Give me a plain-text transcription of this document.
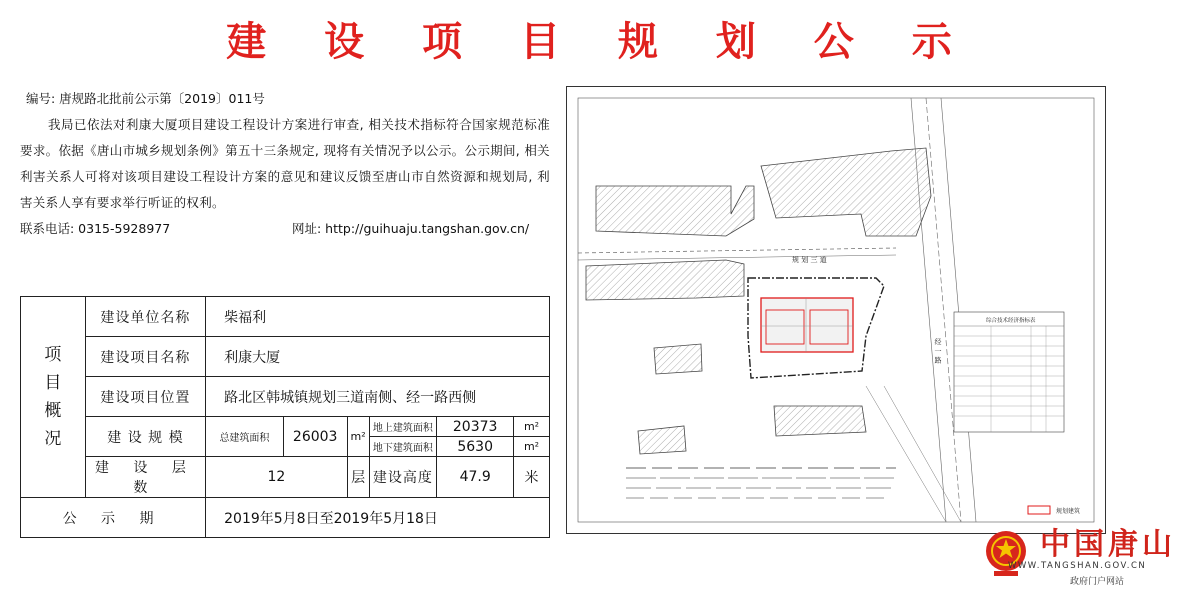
建 设 项 目 规 划 公 示
编号: 唐规路北批前公示第〔2019〕011号
我局已依法对利康大厦项目建设工程设计方案进行审查, 相关技术指标符合国家规范标准要求。依据《唐山市城乡规划条例》第五十三条规定, 现将有关情况予以公示。公示期间, 相关利害关系人可将对该项目建设工程设计方案的意见和建议反馈至唐山市自然资源和规划局, 利害关系人享有要求举行听证的权利。
联系电话: 0315-5928977	网址: http://guihuaju.tangshan.gov.cn/
项
目
概
况	建设单位名称	柴福利					
	建设项目名称	利康大厦					
	建设项目位置	路北区韩城镇规划三道南侧、经一路西侧					
	建 设 规 模	总建筑面积	26003	m²	地上建筑面积	20373	m²
					地下建筑面积	5630	m²
	建 设 层 数	12		层	建设高度	47.9	米
公 示 期		2019年5月8日至2019年5月18日					
规 划 三 道
经 一 路
综合技术经济指标表
规划建筑
中国唐山
WWW.TANGSHAN.GOV.CN
政府门户网站
